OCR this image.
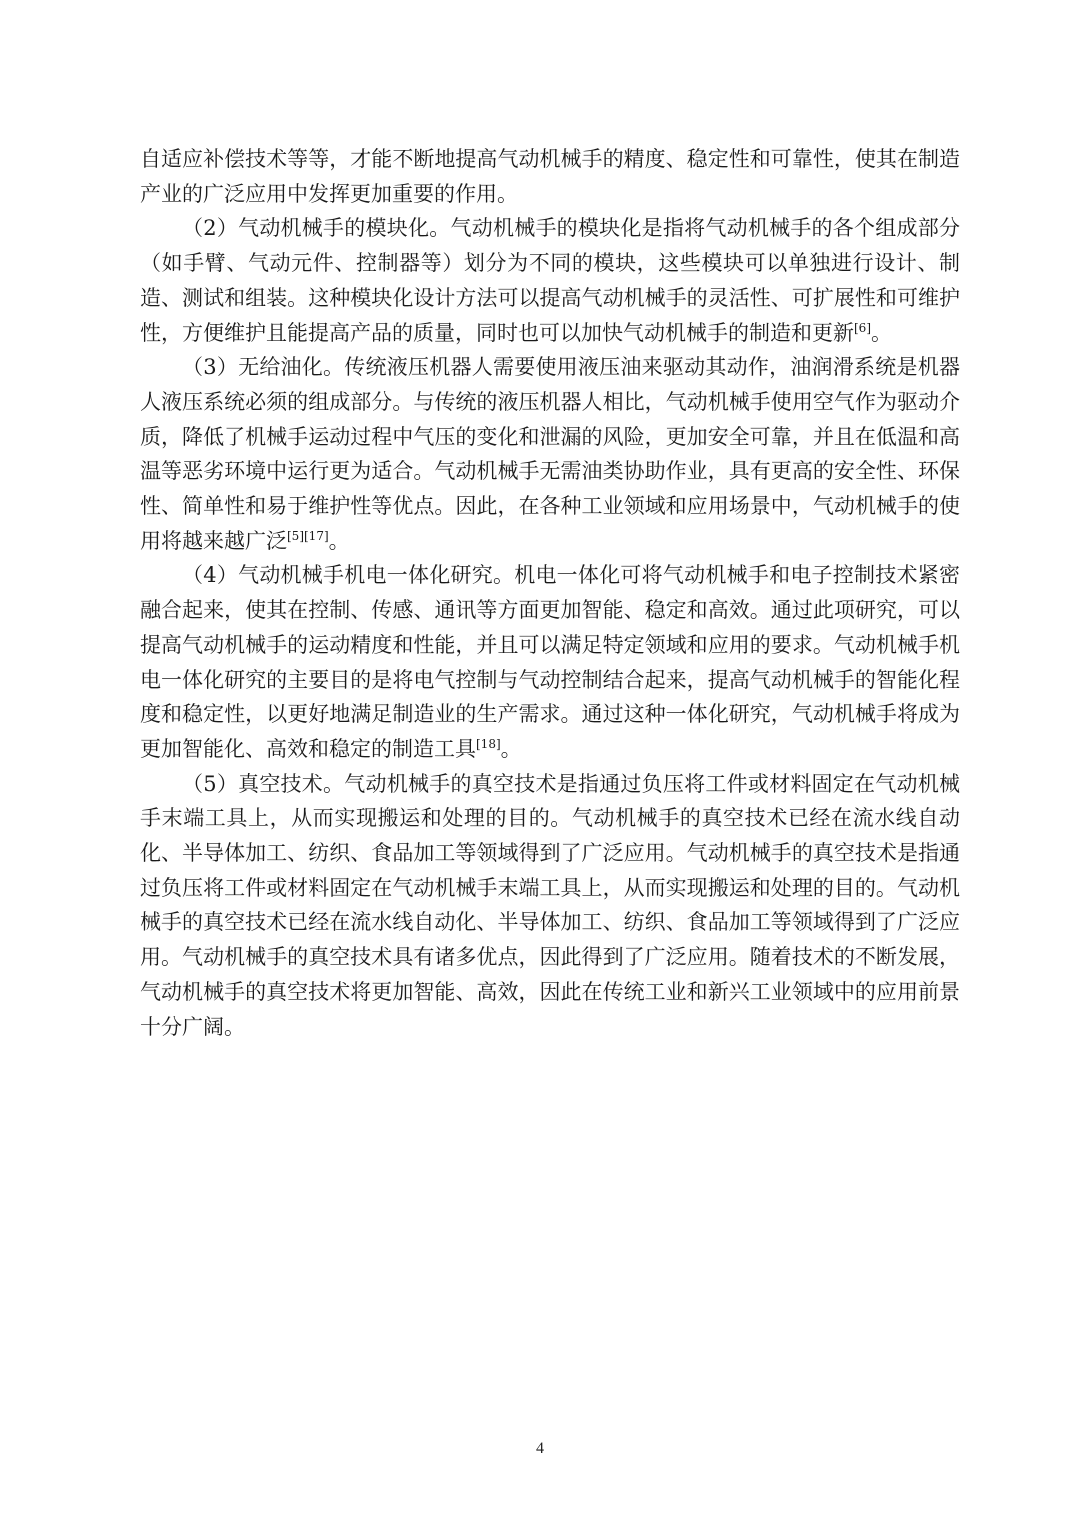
自适应补偿技术等等，才能不断地提高气动机械手的精度、稳定性和可靠性，使其在制造产业的广泛应用中发挥更加重要的作用。

（2）气动机械手的模块化。气动机械手的模块化是指将气动机械手的各个组成部分（如手臂、气动元件、控制器等）划分为不同的模块，这些模块可以单独进行设计、制造、测试和组装。这种模块化设计方法可以提高气动机械手的灵活性、可扩展性和可维护性，方便维护且能提高产品的质量，同时也可以加快气动机械手的制造和更新[6]。

（3）无给油化。传统液压机器人需要使用液压油来驱动其动作，油润滑系统是机器人液压系统必须的组成部分。与传统的液压机器人相比，气动机械手使用空气作为驱动介质，降低了机械手运动过程中气压的变化和泄漏的风险，更加安全可靠，并且在低温和高温等恶劣环境中运行更为适合。气动机械手无需油类协助作业，具有更高的安全性、环保性、简单性和易于维护性等优点。因此，在各种工业领域和应用场景中，气动机械手的使用将越来越广泛[5][17]。

（4）气动机械手机电一体化研究。机电一体化可将气动机械手和电子控制技术紧密融合起来，使其在控制、传感、通讯等方面更加智能、稳定和高效。通过此项研究，可以提高气动机械手的运动精度和性能，并且可以满足特定领域和应用的要求。气动机械手机电一体化研究的主要目的是将电气控制与气动控制结合起来，提高气动机械手的智能化程度和稳定性，以更好地满足制造业的生产需求。通过这种一体化研究，气动机械手将成为更加智能化、高效和稳定的制造工具[18]。

（5）真空技术。气动机械手的真空技术是指通过负压将工件或材料固定在气动机械手末端工具上，从而实现搬运和处理的目的。气动机械手的真空技术已经在流水线自动化、半导体加工、纺织、食品加工等领域得到了广泛应用。气动机械手的真空技术是指通过负压将工件或材料固定在气动机械手末端工具上，从而实现搬运和处理的目的。气动机械手的真空技术已经在流水线自动化、半导体加工、纺织、食品加工等领域得到了广泛应用。气动机械手的真空技术具有诸多优点，因此得到了广泛应用。随着技术的不断发展，气动机械手的真空技术将更加智能、高效，因此在传统工业和新兴工业领域中的应用前景十分广阔。

4
